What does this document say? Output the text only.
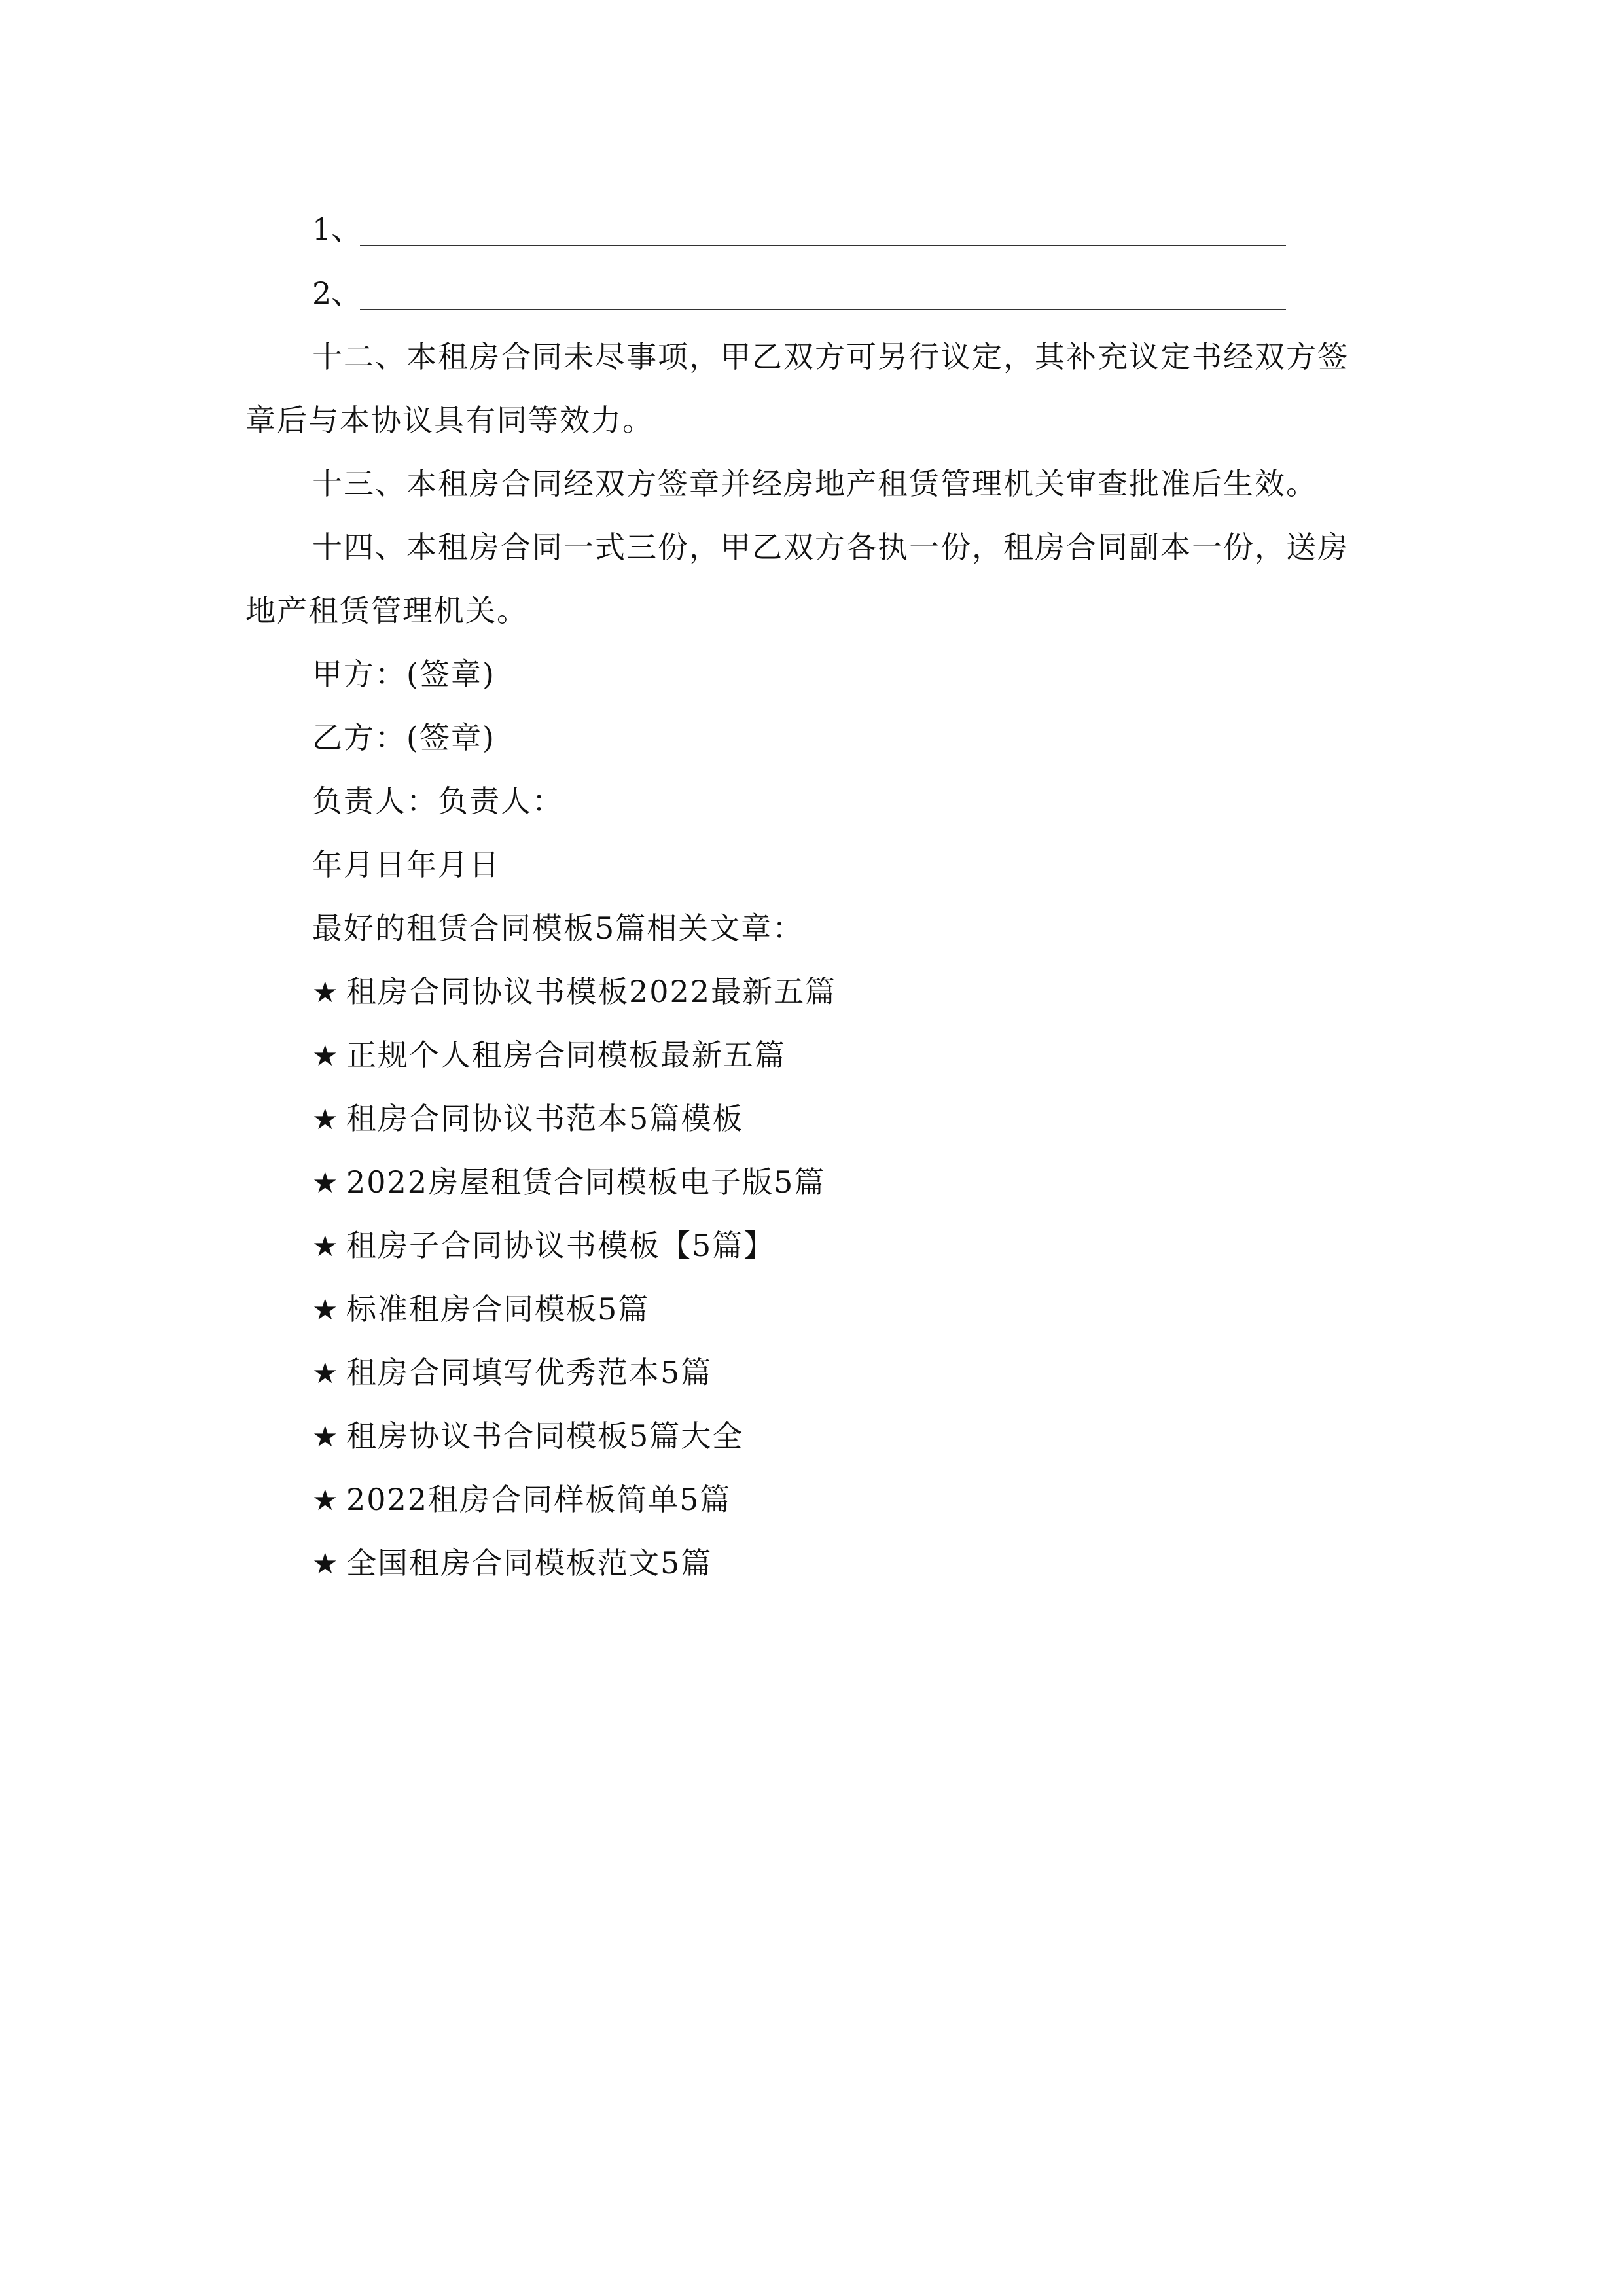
1、
2、
十二、本租房合同未尽事项，甲乙双方可另行议定，其补充议定书经双方签
章后与本协议具有同等效力。
十三、本租房合同经双方签章并经房地产租赁管理机关审查批准后生效。
十四、本租房合同一式三份，甲乙双方各执一份，租房合同副本一份，送房
地产租赁管理机关。
甲方：(签章)
乙方：(签章)
负责人：负责人：
年月日年月日
最好的租赁合同模板5篇相关文章：
★ 租房合同协议书模板2022最新五篇
★ 正规个人租房合同模板最新五篇
★ 租房合同协议书范本5篇模板
★ 2022房屋租赁合同模板电子版5篇
★ 租房子合同协议书模板【5篇】
★ 标准租房合同模板5篇
★ 租房合同填写优秀范本5篇
★ 租房协议书合同模板5篇大全
★ 2022租房合同样板简单5篇
★ 全国租房合同模板范文5篇
